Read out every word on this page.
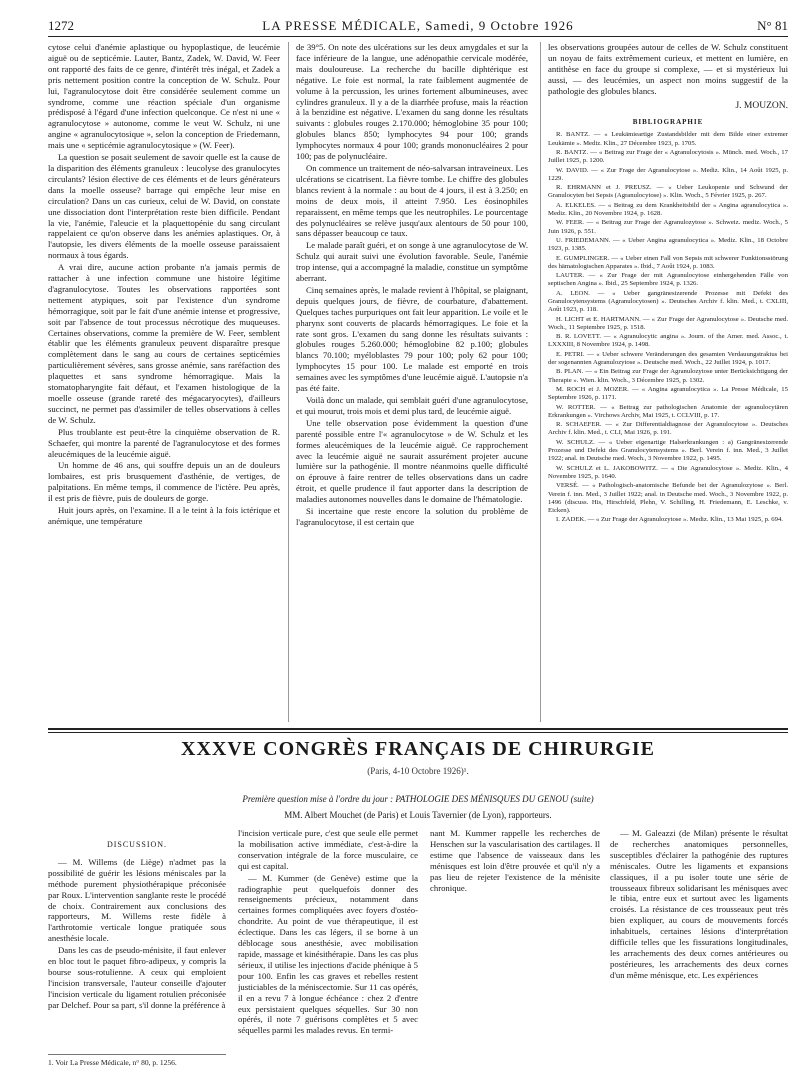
1272	LA PRESSE MÉDICALE, Samedi, 9 Octobre 1926	N° 81

cytose celui d'anémie aplastique ou hypoplastique, de leucémie aiguë ou de septicémie. Lauter, Bantz, Zadek, W. David, W. Feer ont rapporté des faits de ce genre, d'intérêt très inégal, et Zadek a pris nettement position contre la conception de W. Schulz. Pour lui, l'agranulocytose doit être considérée seulement comme un syndrome, comme une réaction spéciale d'un organisme prédisposé à l'égard d'une infection quelconque. Ce n'est ni une « agranulocytose » autonome, comme le veut W. Schulz, ni une angine « agranulocytosique », selon la conception de Friedemann, mais une « septicémie agranulocytosique » (W. Feer).

La question se posait seulement de savoir quelle est la cause de la disparition des éléments granuleux : leucolyse des granulocytes circulants? lésion élective de ces éléments et de leurs générateurs dans la moelle osseuse? barrage qui empêche leur mise en circulation? Dans un cas curieux, celui de W. David, on constate une dissociation dont l'interprétation reste bien difficile. Pendant la vie, l'anémie, l'aleucie et la plaquettopénie du sang circulant rappelaient ce qu'on observe dans les anémies aplastiques. Or, à l'autopsie, les divers éléments de la moelle osseuse paraissaient normaux à tous égards.

A vrai dire, aucune action probante n'a jamais permis de rattacher à une infection commune une histoire légitime d'agranulocytose. Toutes les observations rapportées sont nettement atypiques, soit par l'existence d'un syndrome hémorragique, soit par le fait d'une anémie intense et progressive, soit par l'absence de tout processus nécrotique des muqueuses. Certaines observations, comme la première de W. Feer, semblent établir que les éléments granuleux peuvent disparaître presque complètement dans le sang au cours de certaines septicémies particulièrement sévères, sans grosse anémie, sans raréfaction des plaquettes et sans syndrome hémorragique. Mais la stomatopharyngite fait défaut, et l'examen histologique de la moelle osseuse (grande rareté des mégacaryocytes), d'ailleurs succinct, ne permet pas d'assimiler de telles observations à celles de W. Schulz.

Plus troublante est peut-être la cinquième observation de R. Schaefer, qui montre la parenté de l'agranulocytose et des formes aleucémiques de la leucémie aiguë.

Un homme de 46 ans, qui souffre depuis un an de douleurs lombaires, est pris brusquement d'asthénie, de vertiges, de palpitations. En même temps, il commence de l'ictère. Peu après, il est pris de fièvre, puis de douleurs de gorge.

Huit jours après, on l'examine. Il a le teint à la fois ictérique et anémique, une température

de 39°5. On note des ulcérations sur les deux amygdales et sur la face inférieure de la langue, une adénopathie cervicale modérée, mais douloureuse. La recherche du bacille diphtérique est négative. Le foie est normal, la rate faiblement augmentée de volume à la percussion, les urines fortement albumineuses, avec cylindres granuleux. Il y a de la diarrhée profuse, mais la réaction à la benzidine est négative. L'examen du sang donne les résultats suivants : globules rouges 2.170.000; hémoglobine 35 pour 100; globules blancs 850; lymphocytes 94 pour 100; grands lymphocytes normaux 4 pour 100; grands mononucléaires 2 pour 100; pas de polynucléaire.

On commence un traitement de néo-salvarsan intraveineux. Les ulcérations se cicatrisent. La fièvre tombe. Le chiffre des globules blancs revient à la normale : au bout de 4 jours, il est à 3.250; en moins de deux mois, il atteint 7.950. Les éosinophiles reparaissent, en même temps que les neutrophiles. Le pourcentage des polynucléaires se relève jusqu'aux alentours de 50 pour 100, sans dépasser beaucoup ce taux.

Le malade paraît guéri, et on songe à une agranulocytose de W. Schulz qui aurait suivi une évolution favorable. Seule, l'anémie trop intense, qui a accompagné la maladie, constitue un symptôme aberrant.

Cinq semaines après, le malade revient à l'hôpital, se plaignant, depuis quelques jours, de fièvre, de courbature, d'abattement. Quelques taches purpuriques ont fait leur apparition. Le voile et le pharynx sont couverts de placards hémorragiques. Le foie et la rate sont gros. L'examen du sang donne les résultats suivants : globules rouges 5.260.000; hémoglobine 82 p.100; globules blancs 70.100; myéloblastes 79 pour 100; poly 62 pour 100; lymphocytes 15 pour 100. Le malade est emporté en trois semaines avec les symptômes d'une leucémie aiguë. L'autopsie n'a pas été faite.

Voilà donc un malade, qui semblait guéri d'une agranulocytose, et qui mourut, trois mois et demi plus tard, de leucémie aiguë.

Une telle observation pose évidemment la question d'une parenté possible entre l'« agranulocytose » de W. Schulz et les formes aleucémiques de la leucémie aiguë. Ce rapprochement avec la leucémie aiguë ne saurait assurément projeter aucune lumière sur la pathogénie. Il montre néanmoins quelle difficulté on éprouve à faire rentrer de telles observations dans un cadre étroit, et quelle prudence il faut apporter dans la description de maladies autonomes nouvelles dans le domaine de l'hématologie.

Si incertaine que reste encore la solution du problème de l'agranulocytose, il est certain que

les observations groupées autour de celles de W. Schulz constituent un noyau de faits extrêmement curieux, et mettent en lumière, en antithèse en face du groupe si complexe, — et si mystérieux lui aussi, — des leucémies, un aspect non moins suggestif de la pathologie des globules blancs.

J. MOUZON.
BIBLIOGRAPHIE

R. BANTZ. — « Leukämieartige Zustandsbilder mit dem Bilde einer extremer Leukämie ». Mediz. Klin., 27 Décembre 1923, p. 1705.

R. BANTZ. — « Beitrag zur Frage der « Agranulocytosis ». Münch. med. Woch., 17 Juillet 1925, p. 1200.

W. DAVID. — « Zur Frage der Agranulocytose ». Mediz. Klin., 14 Août 1925, p. 1229.

R. EHRMANN et J. PREUSZ. — « Ueber Leukopenie und Schwund der Granulocyten bei Sepsis (Agranulocytose) ». Klin. Woch., 5 Février 1925, p. 267.

A. ELKELES. — « Beitrag zu dem Krankheitsbild der « Angina agranulocytica ». Mediz. Klin., 20 Novembre 1924, p. 1628.

W. FEER. — « Beitrag zur Frage der Agranulozytose ». Schweiz. mediz. Woch., 5 Juin 1926, p. 551.

U. FRIEDEMANN. — « Ueber Angina agranulocytica ». Mediz. Klin., 18 Octobre 1923, p. 1385.

E. GUMPLINGER. — « Ueber einen Fall von Sepsis mit schwerer Funktionsstörung des hämatologischen Apparates ». Ibid., 7 Août 1924, p. 1083.

LAUTER. — « Zur Frage der mit Agranulocytose einhergehenden Fälle von septischen Angina ». Ibid., 25 Septembre 1924, p. 1326.

A. LEON. — « Ueber gangränesizerende Prozesse mit Defekt des Granulocytensystems (Agranulocytosen) ». Deutsches Archiv f. klin. Med., t. CXLIII, Août 1923, p. 118.

H. LICHT et E. HARTMANN. — « Zur Frage der Agranulocytose ». Deutsche med. Woch., 11 Septembre 1925, p. 1518.

B. R. LOVETT. — « Agranulocytic angina ». Journ. of the Amer. med. Assoc., t. LXXXIII, 8 Novembre 1924, p. 1498.

E. PETRI. — « Ueber schwere Veränderungen des gesamten Verdauungstraktus bei der sogenannten Agranulozytose ». Deutsche med. Woch., 22 Juillet 1924, p. 1017.

B. PLAN. — « Ein Beitrag zur Frage der Agranulozytose unter Berücksichtigung der Therapie ». Wien. klin. Woch., 3 Décembre 1925, p. 1302.

M. ROCH et J. MOZER. — « Angina agranulocytica ». La Presse Médicale, 15 Septembre 1926, p. 1171.

W. ROTTER. — « Beitrag zur pathologischen Anatomie der agranulocytären Erkrankungen ». Virchows Archiv, Mai 1925, t. CCLVIII, p. 17.

R. SCHAEFER. — « Zur Differentialdiagnose der Agranulocytose ». Deutsches Archiv f. klin. Med., t. CLI, Mai 1926, p. 191.

W. SCHULZ. — « Ueber eigenartige Halserkrankungen : a) Gangränesizerende Prozesse und Defekt des Granulocytensystems ». Berl. Verein f. inn. Med., 3 Juillet 1922; anal. in Deutsche med. Woch., 3 Novembre 1922, p. 1495.

W. SCHULZ et L. JAKOBOWITZ. — « Die Agranulocytose ». Mediz. Klin., 4 Novembre 1925, p. 1640.

VERSÉ. — « Pathologisch-anatomische Befunde bei der Agranulozytose ». Berl. Verein f. inn. Med., 3 Juillet 1922; anal. in Deutsche med. Woch., 3 Novembre 1922, p. 1496 (discuss. His, Hirschfeld, Plehn, V. Schilling, H. Friedemann, E. Leschke, v. Eicken).

I. ZADEK. — « Zur Frage der Agranulozytose ». Mediz. Klin., 13 Mai 1925, p. 694.

XXXVE CONGRÈS FRANÇAIS DE CHIRURGIE
(Paris, 4-10 Octobre 1926)¹.
Première question mise à l'ordre du jour : PATHOLOGIE DES MÉNISQUES DU GENOU (suite)
MM. Albert Mouchet (de Paris) et Louis Tavernier (de Lyon), rapporteurs.
DISCUSSION.

— M. Willems (de Liège) n'admet pas la possibilité de guérir les lésions méniscales par la méthode purement physiothérapique préconisée par Roux. L'intervention sanglante reste le procédé de choix. Contrairement aux conclusions des rapporteurs, M. Willems reste fidèle à l'arthrotomie verticale longue pratiquée sous anesthésie locale.

Dans les cas de pseudo-ménisite, il faut enlever en bloc tout le paquet fibro-adipeux, y compris la bourse sous-rotulienne. A ceux qui emploient l'incision transversale, l'auteur conseille d'ajouter l'incision verticale du ligament rotulien préconisée par Delchef. Pour sa part, s'il donne la préférence à

l'incision verticale pure, c'est que seule elle permet la mobilisation active immédiate, c'est-à-dire la conservation intégrale de la force musculaire, ce qui est capital.

— M. Kummer (de Genève) estime que la radiographie peut quelquefois donner des renseignements précieux, notamment dans certaines formes compliquées avec foyers d'ostéo-chondrite. Au point de vue thérapeutique, il est éclectique. Dans les cas légers, il se borne à un déblocage sous anesthésie, avec mobilisation rapide, massage et kinésithérapie. Dans les cas plus sérieux, il utilise les injections d'acide phénique à 5 pour 100. Enfin les cas graves et rebelles restent justiciables de la méniscectomie. Sur 11 cas opérés, il en a revu 7 à longue échéance : chez 2 d'entre eux persistaient quelques séquelles. Sur 30 non opérés, il note 7 guérisons complètes et 5 avec séquelles parmi les malades revus. En termi-

nant M. Kummer rappelle les recherches de Henschen sur la vascularisation des cartilages. Il estime que l'absence de vaisseaux dans les ménisques est loin d'être prouvée et qu'il n'y a pas lieu de rejeter l'existence de la ménisite chronique.

— M. Galeazzi (de Milan) présente le résultat de recherches anatomiques personnelles, susceptibles d'éclairer la pathogénie des ruptures méniscales. Outre les ligaments et expansions classiques, il a pu isoler toute une série de trousseaux fibreux solidarisant les ménisques avec le tibia, entre eux et surtout avec les ligaments croisés. La résistance de ces trousseaux peut très bien expliquer, au cours de mouvements forcés inhabituels, certaines lésions d'interprétation difficile telles que les fissurations longitudinales, les arrachements des deux cornes antérieures ou postérieures, les arrachements des deux cornes d'un même ménisque, etc. Les expériences

1. Voir La Presse Médicale, n° 80, p. 1256.
